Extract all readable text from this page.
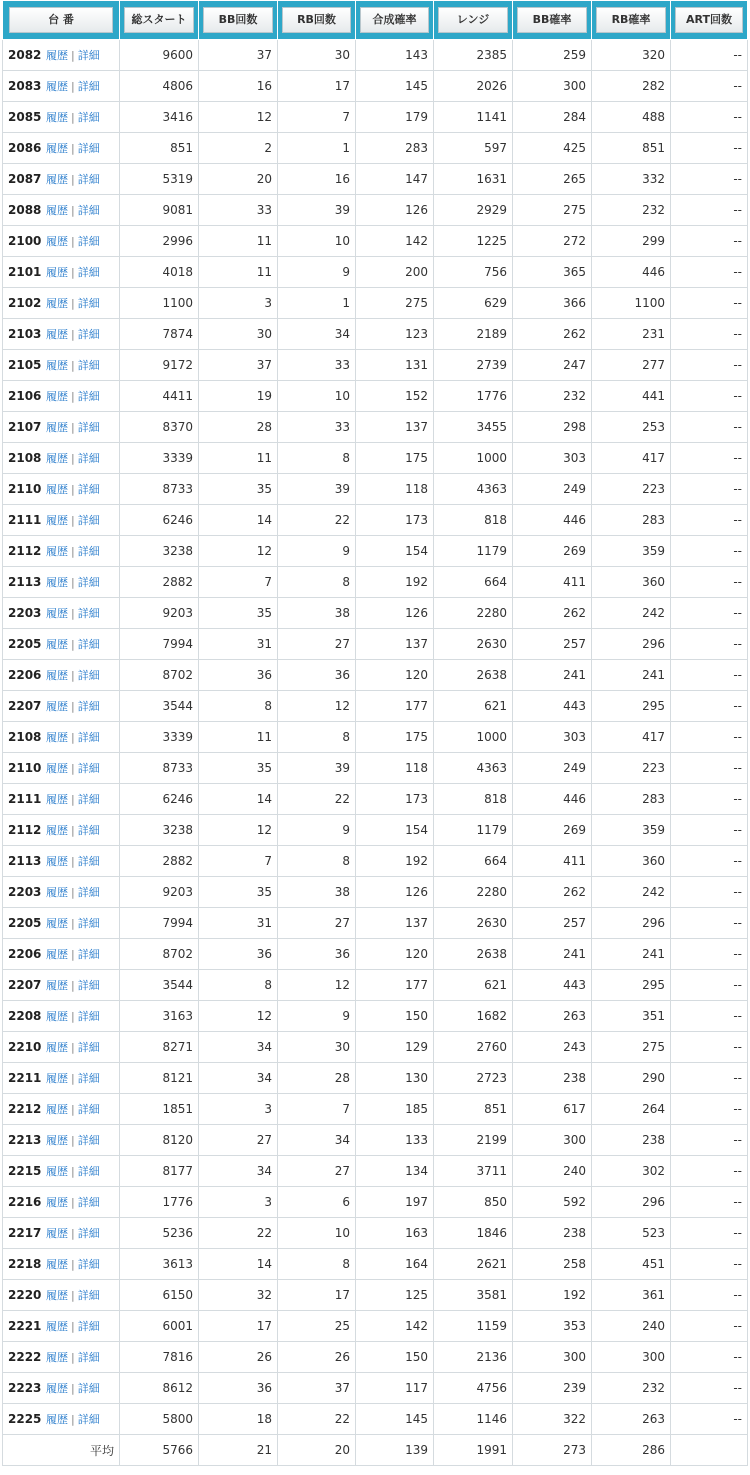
台 番	総スタート	BB回数	RB回数	合成確率	レンジ	BB確率	RB確率	ART回数

2082 履歴 | 詳細	9600	37	30	143	2385	259	320	--
2083 履歴 | 詳細	4806	16	17	145	2026	300	282	--
2085 履歴 | 詳細	3416	12	7	179	1141	284	488	--
2086 履歴 | 詳細	851	2	1	283	597	425	851	--
2087 履歴 | 詳細	5319	20	16	147	1631	265	332	--
2088 履歴 | 詳細	9081	33	39	126	2929	275	232	--
2100 履歴 | 詳細	2996	11	10	142	1225	272	299	--
2101 履歴 | 詳細	4018	11	9	200	756	365	446	--
2102 履歴 | 詳細	1100	3	1	275	629	366	1100	--
2103 履歴 | 詳細	7874	30	34	123	2189	262	231	--
2105 履歴 | 詳細	9172	37	33	131	2739	247	277	--
2106 履歴 | 詳細	4411	19	10	152	1776	232	441	--
2107 履歴 | 詳細	8370	28	33	137	3455	298	253	--
2108 履歴 | 詳細	3339	11	8	175	1000	303	417	--
2110 履歴 | 詳細	8733	35	39	118	4363	249	223	--
2111 履歴 | 詳細	6246	14	22	173	818	446	283	--
2112 履歴 | 詳細	3238	12	9	154	1179	269	359	--
2113 履歴 | 詳細	2882	7	8	192	664	411	360	--
2203 履歴 | 詳細	9203	35	38	126	2280	262	242	--
2205 履歴 | 詳細	7994	31	27	137	2630	257	296	--
2206 履歴 | 詳細	8702	36	36	120	2638	241	241	--
2207 履歴 | 詳細	3544	8	12	177	621	443	295	--
2108 履歴 | 詳細	3339	11	8	175	1000	303	417	--
2110 履歴 | 詳細	8733	35	39	118	4363	249	223	--
2111 履歴 | 詳細	6246	14	22	173	818	446	283	--
2112 履歴 | 詳細	3238	12	9	154	1179	269	359	--
2113 履歴 | 詳細	2882	7	8	192	664	411	360	--
2203 履歴 | 詳細	9203	35	38	126	2280	262	242	--
2205 履歴 | 詳細	7994	31	27	137	2630	257	296	--
2206 履歴 | 詳細	8702	36	36	120	2638	241	241	--
2207 履歴 | 詳細	3544	8	12	177	621	443	295	--
2208 履歴 | 詳細	3163	12	9	150	1682	263	351	--
2210 履歴 | 詳細	8271	34	30	129	2760	243	275	--
2211 履歴 | 詳細	8121	34	28	130	2723	238	290	--
2212 履歴 | 詳細	1851	3	7	185	851	617	264	--
2213 履歴 | 詳細	8120	27	34	133	2199	300	238	--
2215 履歴 | 詳細	8177	34	27	134	3711	240	302	--
2216 履歴 | 詳細	1776	3	6	197	850	592	296	--
2217 履歴 | 詳細	5236	22	10	163	1846	238	523	--
2218 履歴 | 詳細	3613	14	8	164	2621	258	451	--
2220 履歴 | 詳細	6150	32	17	125	3581	192	361	--
2221 履歴 | 詳細	6001	17	25	142	1159	353	240	--
2222 履歴 | 詳細	7816	26	26	150	2136	300	300	--
2223 履歴 | 詳細	8612	36	37	117	4756	239	232	--
2225 履歴 | 詳細	5800	18	22	145	1146	322	263	--
平均	5766	21	20	139	1991	273	286	
